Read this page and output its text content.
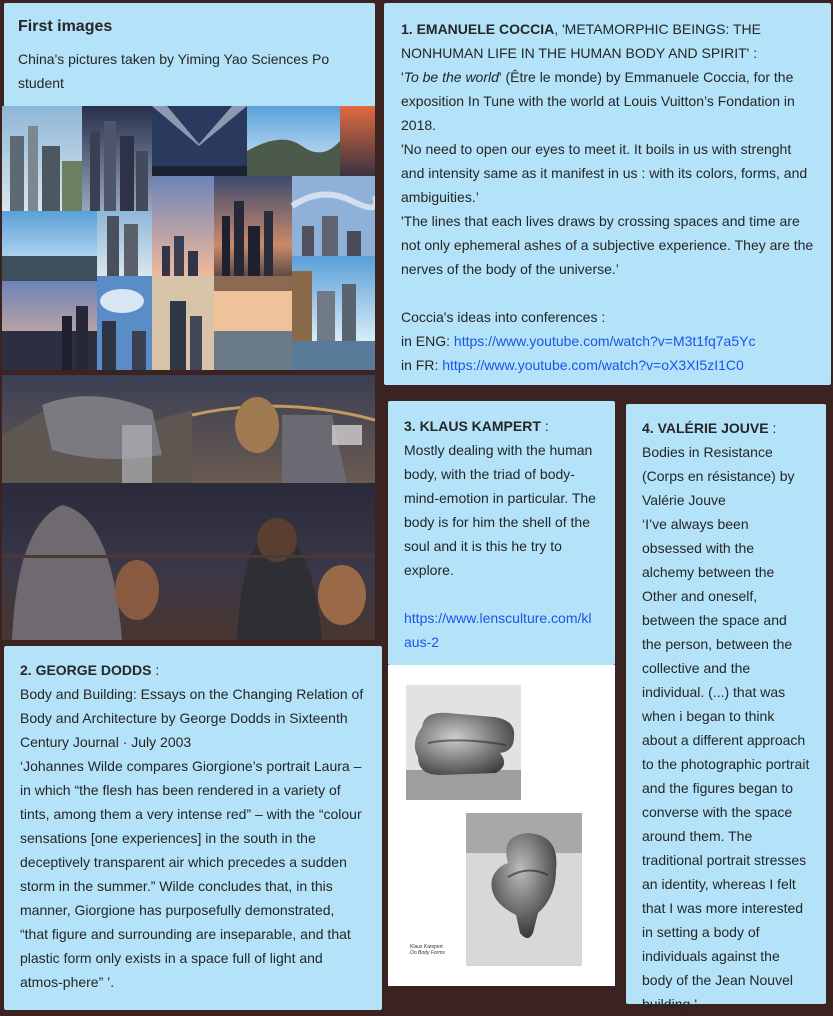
First images
China's pictures taken by Yiming Yao Sciences Po student

1. EMANUELE COCCIA, 'METAMORPHIC BEINGS: THE NONHUMAN LIFE IN THE HUMAN BODY AND SPIRIT' :

'To be the world' (Être le monde) by Emmanuele Coccia, for the exposition In Tune with the world at Louis Vuitton’s Fondation in 2018.

'No need to open our eyes to meet it. It boils in us with strenght and intensity same as it manifest in us : with its colors, forms, and ambiguities.’

'The lines that each lives draws by crossing spaces and time are not only ephemeral ashes of a subjective experience. They are the nerves of the body of the universe.’

Coccia's ideas into conferences :

in ENG: https://www.youtube.com/watch?v=M3t1fq7a5Yc

in FR: https://www.youtube.com/watch?v=oX3XI5zI1C0

3. KLAUS KAMPERT :

Mostly dealing with the human body, with the triad of body-mind-emotion in particular. The body is for him the shell of the soul and it is this he try to explore.

https://www.lensculture.com/klaus-2

Klaus Kampert
On Body Forms

4. VALÉRIE JOUVE :

Bodies in Resistance (Corps en résistance) by Valérie Jouve

‘I’ve always been obsessed with the alchemy between the Other and oneself, between the space and the person, between the collective and the individual. (...) that was when i began to think about a different approach to the photographic portrait and the figures began to converse with the space around them. The traditional portrait stresses an identity, whereas I felt that I was more interested in setting a body of individuals against the body of the Jean Nouvel building.’

2. GEORGE DODDS :

Body and Building: Essays on the Changing Relation of Body and Architecture by George Dodds in Sixteenth Century Journal · July 2003

‘Johannes Wilde compares Giorgione’s portrait Laura – in which “the flesh has been rendered in a variety of tints, among them a very intense red” – with the “colour sensations [one experiences] in the south in the deceptively transparent air which precedes a sudden storm in the summer.” Wilde concludes that, in this manner, Giorgione has purposefully demonstrated, “that figure and surrounding are inseparable, and that plastic form only exists in a space full of light and atmos-phere” ’.
